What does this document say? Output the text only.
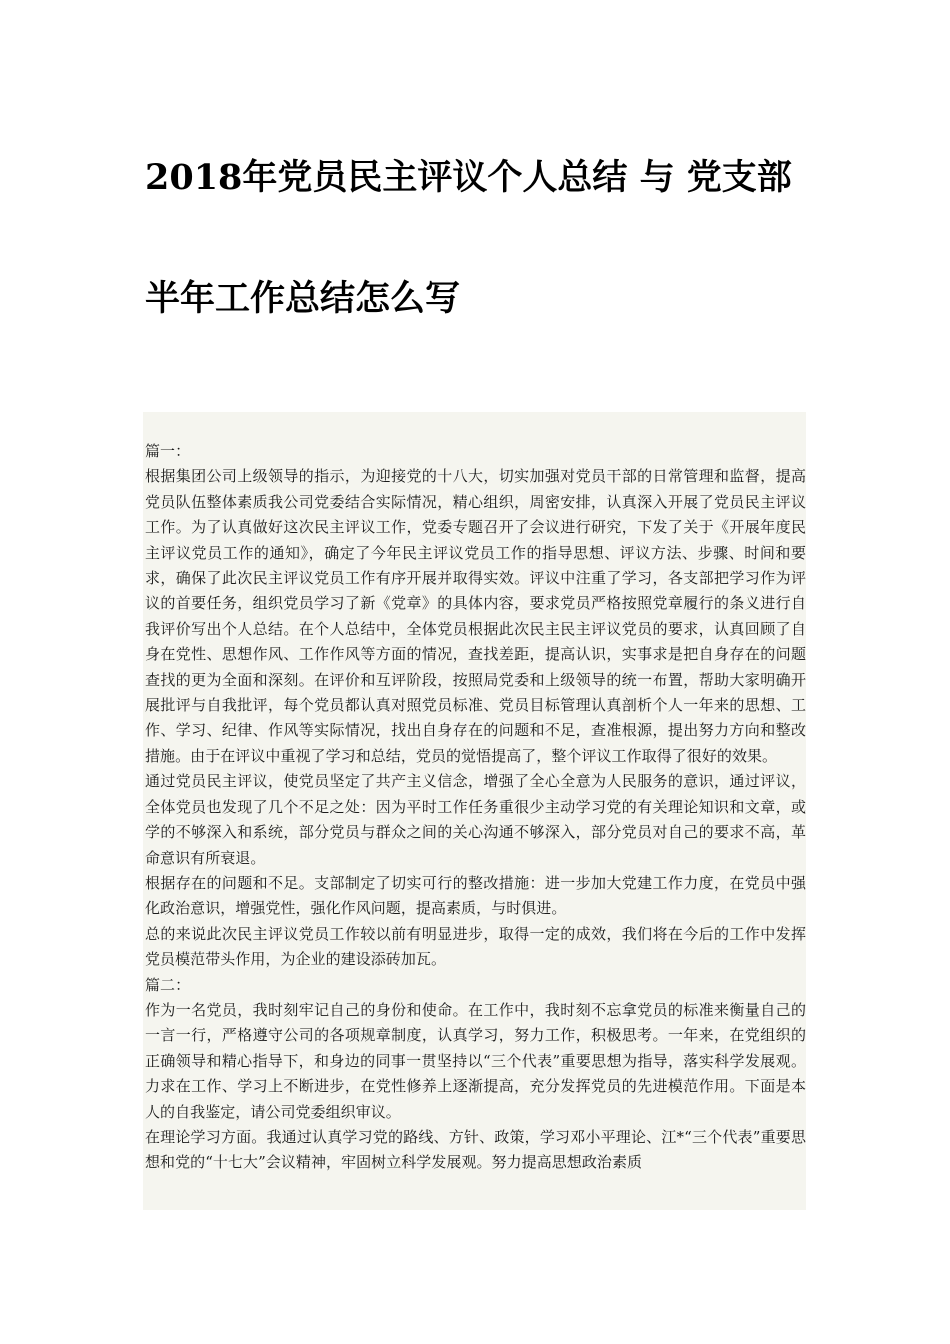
2018年党员民主评议个人总结 与 党支部
半年工作总结怎么写

篇一：

根据集团公司上级领导的指示，为迎接党的十八大，切实加强对党员干部的日常管理和监督，提高党员队伍整体素质我公司党委结合实际情况，精心组织，周密安排，认真深入开展了党员民主评议工作。为了认真做好这次民主评议工作，党委专题召开了会议进行研究，下发了关于《开展年度民主评议党员工作的通知》，确定了今年民主评议党员工作的指导思想、评议方法、步骤、时间和要求，确保了此次民主评议党员工作有序开展并取得实效。评议中注重了学习，各支部把学习作为评议的首要任务，组织党员学习了新《党章》的具体内容，要求党员严格按照党章履行的条义进行自我评价写出个人总结。在个人总结中，全体党员根据此次民主民主评议党员的要求，认真回顾了自身在党性、思想作风、工作作风等方面的情况，查找差距，提高认识，实事求是把自身存在的问题查找的更为全面和深刻。在评价和互评阶段，按照局党委和上级领导的统一布置，帮助大家明确开展批评与自我批评，每个党员都认真对照党员标准、党员目标管理认真剖析个人一年来的思想、工作、学习、纪律、作风等实际情况，找出自身存在的问题和不足，查准根源，提出努力方向和整改措施。由于在评议中重视了学习和总结，党员的觉悟提高了，整个评议工作取得了很好的效果。

通过党员民主评议，使党员坚定了共产主义信念，增强了全心全意为人民服务的意识，通过评议，全体党员也发现了几个不足之处：因为平时工作任务重很少主动学习党的有关理论知识和文章，或学的不够深入和系统，部分党员与群众之间的关心沟通不够深入，部分党员对自己的要求不高，革命意识有所衰退。

根据存在的问题和不足。支部制定了切实可行的整改措施：进一步加大党建工作力度，在党员中强化政治意识，增强党性，强化作风问题，提高素质，与时俱进。

总的来说此次民主评议党员工作较以前有明显进步，取得一定的成效，我们将在今后的工作中发挥党员模范带头作用，为企业的建设添砖加瓦。

篇二：

作为一名党员，我时刻牢记自己的身份和使命。在工作中，我时刻不忘拿党员的标准来衡量自己的一言一行，严格遵守公司的各项规章制度，认真学习，努力工作，积极思考。一年来，在党组织的正确领导和精心指导下，和身边的同事一贯坚持以“三个代表”重要思想为指导，落实科学发展观。力求在工作、学习上不断进步，在党性修养上逐渐提高，充分发挥党员的先进模范作用。下面是本人的自我鉴定，请公司党委组织审议。

在理论学习方面。我通过认真学习党的路线、方针、政策，学习邓小平理论、江*“三个代表”重要思想和党的“十七大”会议精神，牢固树立科学发展观。努力提高思想政治素质
